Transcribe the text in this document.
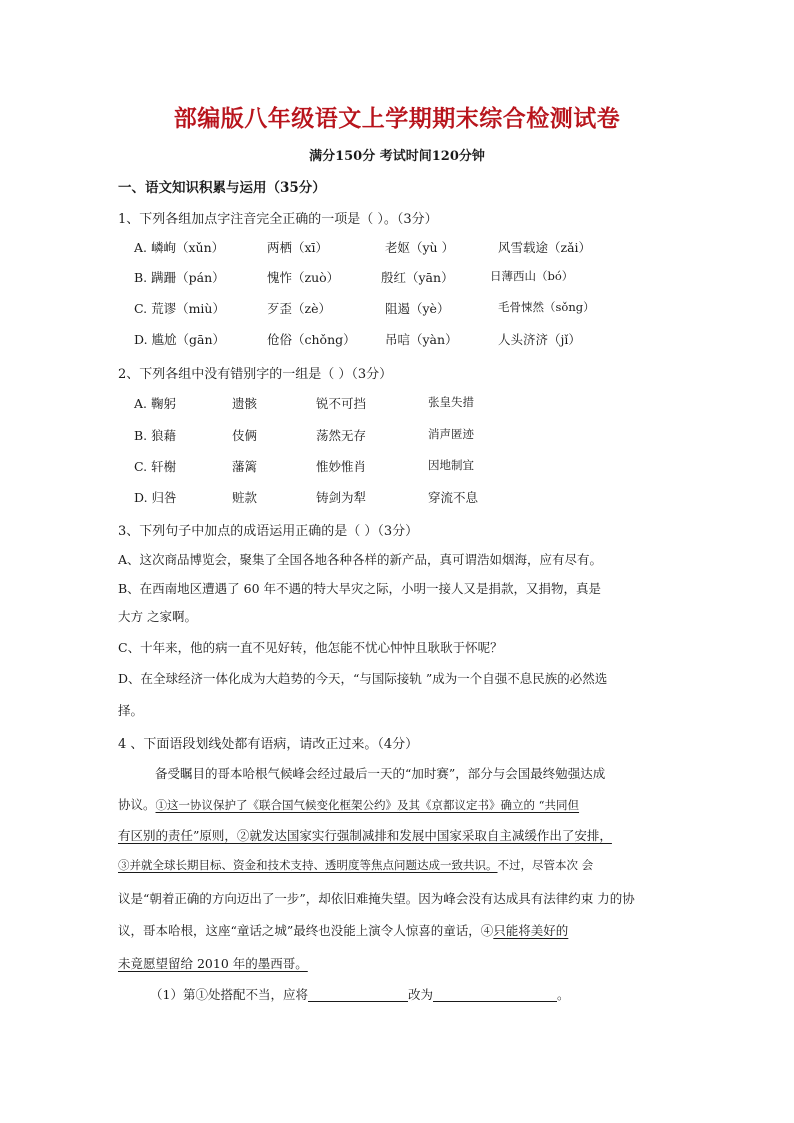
部编版八年级语文上学期期末综合检测试卷
满分150分 考试时间120分钟
一、语文知识积累与运用（35分）
1、下列各组加点字注音完全正确的一项是（ ）。（3分）
A. 嶙峋（xǔn）	两栖（xī）	老妪（yù ）	风雪载途（zǎi）
B. 蹒跚（pán）	愧怍（zuò）	殷红（yān）	日薄西山（bó）
C. 荒谬（miù）	歹歪（zè）	阻遏（yè）	毛骨悚然（sǒng）
D. 尴尬（gān）	伧俗（chǒng） 吊唁（yàn）	人头济济（jǐ）
2、下列各组中没有错别字的一组是（ ）（3分）
A. 鞠躬	遗骸	锐不可挡	张皇失措
B. 狼藉	伎俩	荡然无存	消声匿迹
C. 轩榭	藩篱	惟妙惟肖	因地制宜
D. 归咎	赃款	铸剑为犁	穿流不息
3、下列句子中加点的成语运用正确的是（ ）（3分）
A、这次商品博览会，聚集了全国各地各种各样的新产品，真可谓浩如烟海，应有尽有。
B、在西南地区遭遇了 60 年不遇的特大旱灾之际，小明一接人又是捐款，又捐物，真是
大方 之家啊。
C、十年来，他的病一直不见好转，他怎能不忧心忡忡且耿耿于怀呢？
D、在全球经济一体化成为大趋势的今天，“与国际接轨 ”成为一个自强不息民族的必然选
择。
4 、下面语段划线处都有语病，请改正过来。（4分）
备受瞩目的哥本哈根气候峰会经过最后一天的“加时赛”，部分与会国最终勉强达成
协议。①这一协议保护了《联合国气候变化框架公约》及其《京都议定书》确立的 “共同但
有区别的责任”原则，②就发达国家实行强制减排和发展中国家采取自主减缓作出了安排，
③并就全球长期目标、资金和技术支持、透明度等焦点问题达成一致共识。不过，尽管本次 会
议是“朝着正确的方向迈出了一步”，却依旧难掩失望。因为峰会没有达成具有法律约束 力的协
议，哥本哈根，这座“童话之城”最终也没能上演令人惊喜的童话，④只能将美好的
未竟愿望留给 2010 年的墨西哥。
（1）第①处搭配不当，应将	改为	。
